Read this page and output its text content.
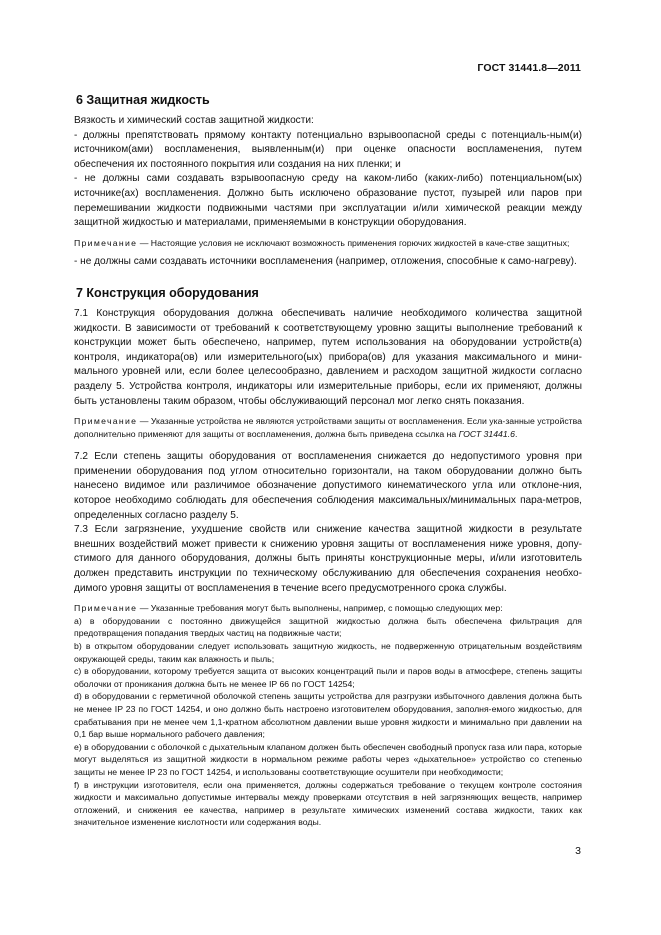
ГОСТ 31441.8—2011
6 Защитная жидкость

Вязкость и химический состав защитной жидкости:

- должны препятствовать прямому контакту потенциально взрывоопасной среды с потенциаль-ным(и) источником(ами) воспламенения, выявленным(и) при оценке опасности воспламенения, путем обеспечения их постоянного покрытия или создания на них пленки; и

- не должны сами создавать взрывоопасную среду на каком-либо (каких-либо) потенциальном(ых) источнике(ах) воспламенения. Должно быть исключено образование пустот, пузырей или паров при перемешивании жидкости подвижными частями при эксплуатации и/или химической реакции между защитной жидкостью и материалами, применяемыми в конструкции оборудования.

Примечание — Настоящие условия не исключают возможность применения горючих жидкостей в каче-стве защитных;

- не должны сами создавать источники воспламенения (например, отложения, способные к само-нагреву).

7 Конструкция оборудования

7.1 Конструкция оборудования должна обеспечивать наличие необходимого количества защитной жидкости. В зависимости от требований к соответствующему уровню защиты выполнение требований к конструкции может быть обеспечено, например, путем использования на оборудовании устройств(а) контроля, индикатора(ов) или измерительного(ых) прибора(ов) для указания максимального и мини-мального уровней или, если более целесообразно, давлением и расходом защитной жидкости согласно разделу 5. Устройства контроля, индикаторы или измерительные приборы, если их применяют, должны быть установлены таким образом, чтобы обслуживающий персонал мог легко снять показания.

Примечание — Указанные устройства не являются устройствами защиты от воспламенения. Если ука-занные устройства дополнительно применяют для защиты от воспламенения, должна быть приведена ссылка на ГОСТ 31441.6.

7.2 Если степень защиты оборудования от воспламенения снижается до недопустимого уровня при применении оборудования под углом относительно горизонтали, на таком оборудовании должно быть нанесено видимое или различимое обозначение допустимого кинематического угла или отклоне-ния, которое необходимо соблюдать для обеспечения соблюдения максимальных/минимальных пара-метров, определенных согласно разделу 5.

7.3 Если загрязнение, ухудшение свойств или снижение качества защитной жидкости в результате внешних воздействий может привести к снижению уровня защиты от воспламенения ниже уровня, допу-стимого для данного оборудования, должны быть приняты конструкционные меры, и/или изготовитель должен представить инструкции по техническому обслуживанию для обеспечения сохранения необхо-димого уровня защиты от воспламенения в течение всего предусмотренного срока службы.

Примечание — Указанные требования могут быть выполнены, например, с помощью следующих мер:

а) в оборудовании с постоянно движущейся защитной жидкостью должна быть обеспечена фильтрация для предотвращения попадания твердых частиц на подвижные части;

b) в открытом оборудовании следует использовать защитную жидкость, не подверженную отрицательным воздействиям окружающей среды, таким как влажность и пыль;

c) в оборудовании, которому требуется защита от высоких концентраций пыли и паров воды в атмосфере, степень защиты оболочки от проникания должна быть не менее IP 66 по ГОСТ 14254;

d) в оборудовании с герметичной оболочкой степень защиты устройства для разгрузки избыточного давления должна быть не менее IP 23 по ГОСТ 14254, и оно должно быть настроено изготовителем оборудования, заполня-емого жидкостью, для срабатывания при не менее чем 1,1-кратном абсолютном давлении выше уровня жидкости и минимально при давлении на 0,1 бар выше нормального рабочего давления;

e) в оборудовании с оболочкой с дыхательным клапаном должен быть обеспечен свободный пропуск газа или пара, которые могут выделяться из защитной жидкости в нормальном режиме работы через «дыхательное» устройство со степенью защиты не менее IP 23 по ГОСТ 14254, и использованы соответствующие осушители при необходимости;

f) в инструкции изготовителя, если она применяется, должны содержаться требование о текущем контроле состояния жидкости и максимально допустимые интервалы между проверками отсутствия в ней загрязняющих веществ, например отложений, и снижения ее качества, например в результате химических изменений состава жидкости, таких как значительное изменение кислотности или содержания воды.

3
